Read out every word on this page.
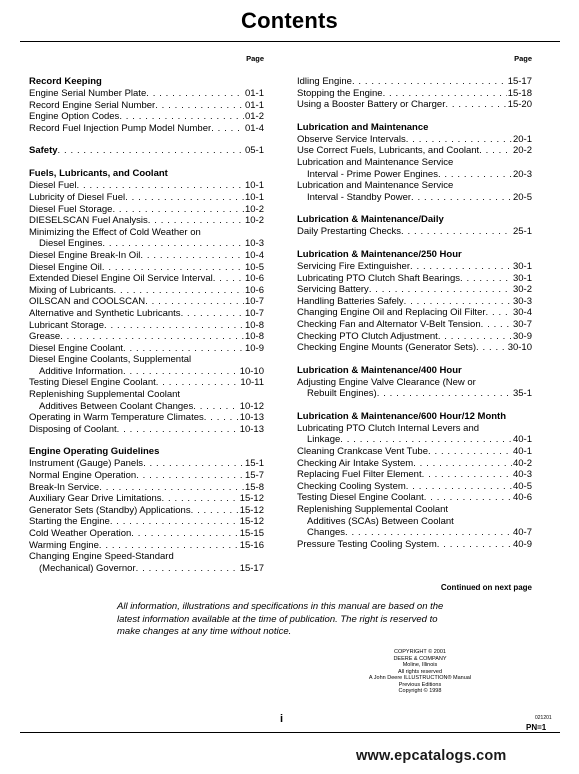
Contents
Page
Record Keeping
Engine Serial Number Plate . . .	01-1
Record Engine Serial Number . . .	01-1
Engine Option Codes . . .	01-2
Record Fuel Injection Pump Model Number . . .	01-4
Safety . . .	05-1
Fuels, Lubricants, and Coolant
Diesel Fuel . . .	10-1
Lubricity of Diesel Fuel . . .	10-1
Diesel Fuel Storage . . .	10-2
DIESELSCAN Fuel Analysis . . .	10-2
Minimizing the Effect of Cold Weather on
Diesel Engines . . .	10-3
Diesel Engine Break-In Oil . . .	10-4
Diesel Engine Oil . . .	10-5
Extended Diesel Engine Oil Service Interval . . .	10-6
Mixing of Lubricants . . .	10-6
OILSCAN and COOLSCAN . . .	10-7
Alternative and Synthetic Lubricants . . .	10-7
Lubricant Storage . . .	10-8
Grease . . .	10-8
Diesel Engine Coolant . . .	10-9
Diesel Engine Coolants, Supplemental
Additive Information . . .	10-10
Testing Diesel Engine Coolant . . .	10-11
Replenishing Supplemental Coolant
Additives Between Coolant Changes . . .	10-12
Operating in Warm Temperature Climates . . .	10-13
Disposing of Coolant . . .	10-13
Engine Operating Guidelines
Instrument (Gauge) Panels . . .	15-1
Normal Engine Operation . . .	15-7
Break-In Service . . .	15-8
Auxiliary Gear Drive Limitations . . .	15-12
Generator Sets (Standby) Applications . . .	15-12
Starting the Engine . . .	15-12
Cold Weather Operation . . .	15-15
Warming Engine . . .	15-16
Changing Engine Speed-Standard
(Mechanical) Governor . . .	15-17
Page
Idling Engine . . .	15-17
Stopping the Engine . . .	15-18
Using a Booster Battery or Charger . . .	15-20
Lubrication and Maintenance
Observe Service Intervals . . .	20-1
Use Correct Fuels, Lubricants, and Coolant . . .	20-2
Lubrication and Maintenance Service
Interval - Prime Power Engines . . .	20-3
Lubrication and Maintenance Service
Interval - Standby Power . . .	20-5
Lubrication & Maintenance/Daily
Daily Prestarting Checks . . .	25-1
Lubrication & Maintenance/250 Hour
Servicing Fire Extinguisher . . .	30-1
Lubricating PTO Clutch Shaft Bearings . . .	30-1
Servicing Battery . . .	30-2
Handling Batteries Safely . . .	30-3
Changing Engine Oil and Replacing Oil Filter . . .	30-4
Checking Fan and Alternator V-Belt Tension . . .	30-7
Checking PTO Clutch Adjustment . . .	30-9
Checking Engine Mounts (Generator Sets) . . .	30-10
Lubrication & Maintenance/400 Hour
Adjusting Engine Valve Clearance (New or
Rebuilt Engines) . . .	35-1
Lubrication & Maintenance/600 Hour/12 Month
Lubricating PTO Clutch Internal Levers and
Linkage . . .	40-1
Cleaning Crankcase Vent Tube . . .	40-1
Checking Air Intake System . . .	40-2
Replacing Fuel Filter Element . . .	40-3
Checking Cooling System . . .	40-5
Testing Diesel Engine Coolant . . .	40-6
Replenishing Supplemental Coolant
Additives (SCAs) Between Coolant
Changes . . .	40-7
Pressure Testing Cooling System . . .	40-9
Continued on next page
All information, illustrations and specifications in this manual are based on the latest information available at the time of publication. The right is reserved to make changes at any time without notice.
COPYRIGHT © 2001
DEERE & COMPANY
Moline, Illinois
All rights reserved
A John Deere ILLUSTRUCTION® Manual
Previous Editions
Copyright © 1998
i	021201
PN=1
www.epcatalogs.com
